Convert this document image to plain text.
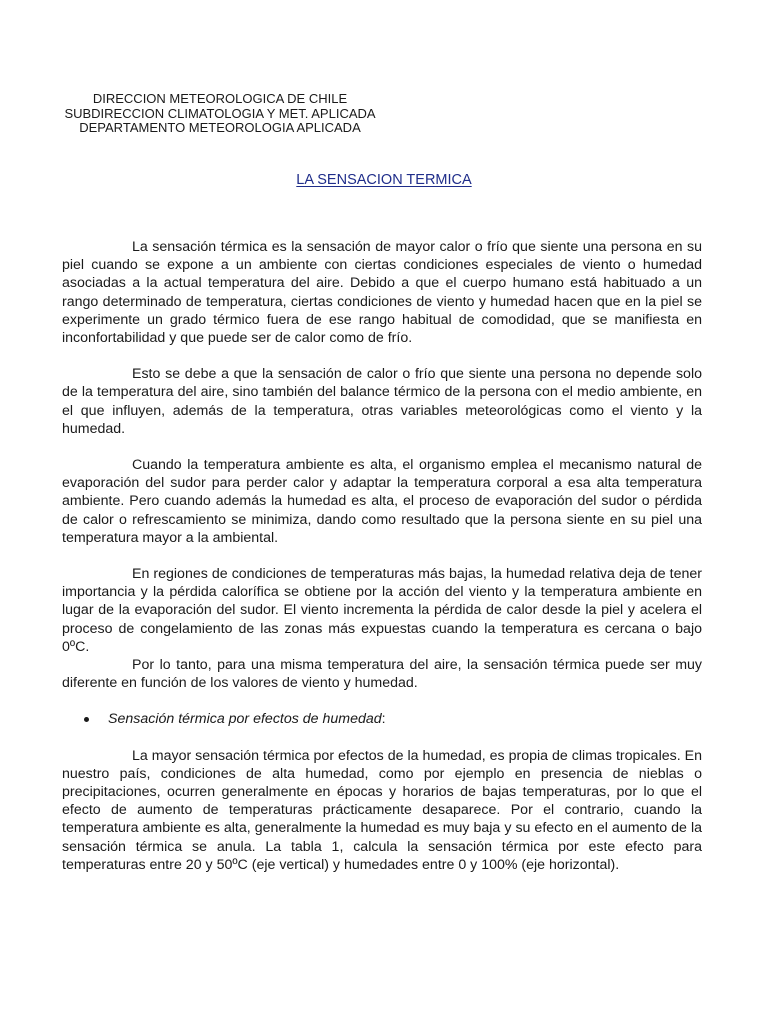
DIRECCION METEOROLOGICA DE CHILE
SUBDIRECCION CLIMATOLOGIA Y MET. APLICADA
DEPARTAMENTO METEOROLOGIA APLICADA
LA SENSACION TERMICA

La sensación térmica es la sensación de mayor calor o frío que siente una persona en su piel cuando se expone a un ambiente con ciertas condiciones especiales de viento o humedad asociadas a la actual temperatura del aire. Debido a que el cuerpo humano está habituado a un rango determinado de temperatura, ciertas condiciones de viento y humedad hacen que en la piel se experimente un grado térmico fuera de ese rango habitual de comodidad, que se manifiesta en inconfortabilidad y que puede ser de calor como de frío.

Esto se debe a que la sensación de calor o frío que siente una persona no depende solo de la temperatura del aire, sino también del balance térmico de la persona con el medio ambiente, en el que influyen, además de la temperatura, otras variables meteorológicas como el viento y la humedad.

Cuando la temperatura ambiente es alta, el organismo emplea el mecanismo natural de evaporación del sudor para perder calor y adaptar la temperatura corporal a esa alta temperatura ambiente. Pero cuando además la humedad es alta, el proceso de evaporación del sudor o pérdida de calor o refrescamiento se minimiza, dando como resultado que la persona siente en su piel una temperatura mayor a la ambiental.

En regiones de condiciones de temperaturas más bajas, la humedad relativa deja de tener importancia y la pérdida calorífica se obtiene por la acción del viento y la temperatura ambiente en lugar de la evaporación del sudor. El viento incrementa la pérdida de calor desde la piel y acelera el proceso de congelamiento de las zonas más expuestas cuando la temperatura es cercana o bajo 0ºC.

Por lo tanto, para una misma temperatura del aire, la sensación térmica puede ser muy diferente en función de los valores de viento y humedad.

Sensación térmica por efectos de humedad:

La mayor sensación térmica por efectos de la humedad, es propia de climas tropicales. En nuestro país, condiciones de alta humedad, como por ejemplo en presencia de nieblas o precipitaciones, ocurren generalmente en épocas y horarios de bajas temperaturas, por lo que el efecto de aumento de temperaturas prácticamente desaparece. Por el contrario, cuando la temperatura ambiente es alta, generalmente la humedad es muy baja y su efecto en el aumento de la sensación térmica se anula. La tabla 1, calcula la sensación térmica por este efecto para temperaturas entre 20 y 50ºC (eje vertical) y humedades entre 0 y 100% (eje horizontal).
